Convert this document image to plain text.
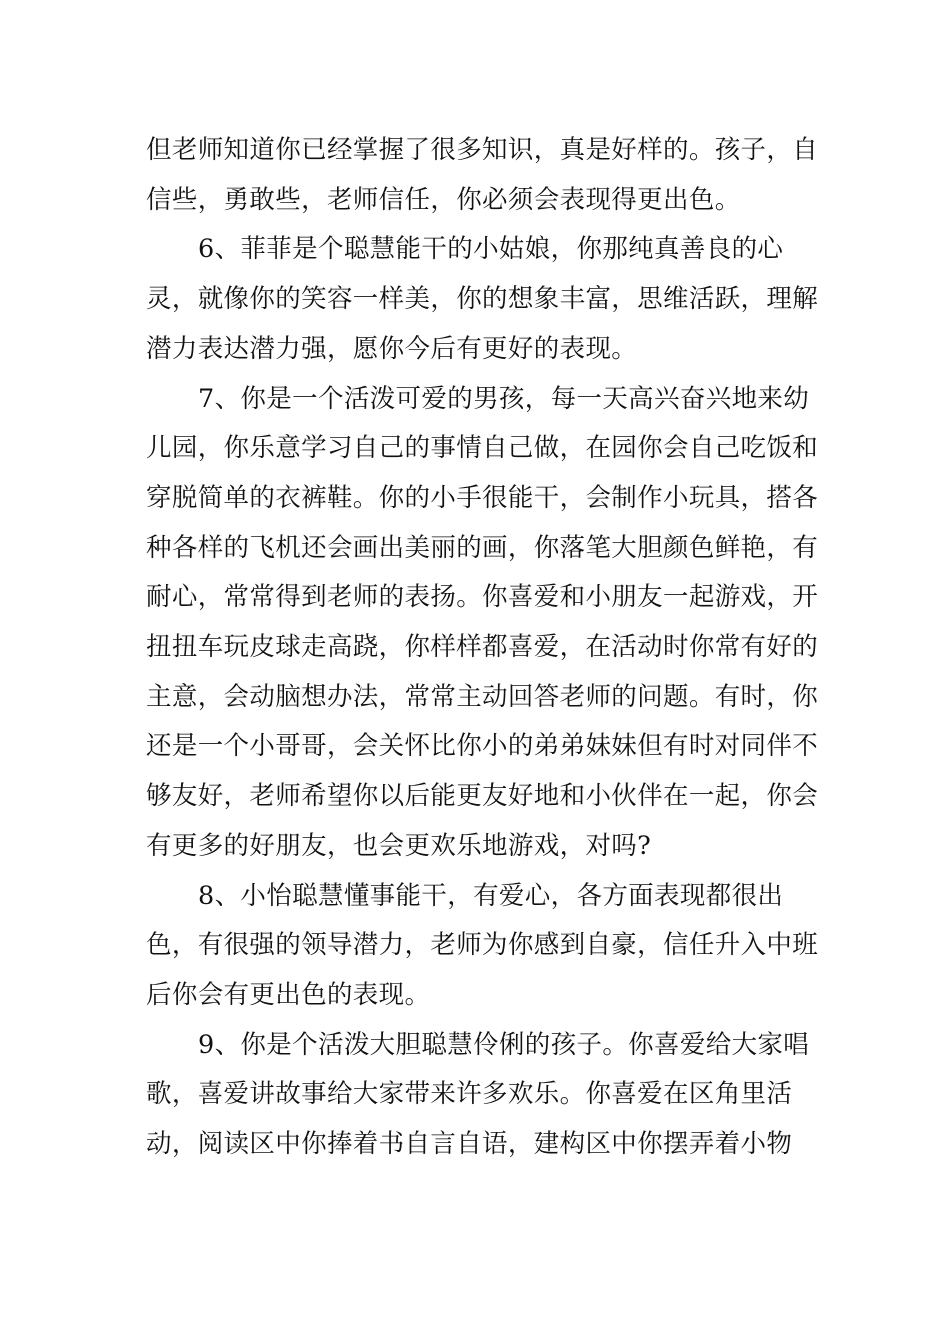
但老师知道你已经掌握了很多知识，真是好样的。孩子，自信些，勇敢些，老师信任，你必须会表现得更出色。

6、菲菲是个聪慧能干的小姑娘，你那纯真善良的心灵，就像你的笑容一样美，你的想象丰富，思维活跃，理解潜力表达潜力强，愿你今后有更好的表现。

7、你是一个活泼可爱的男孩，每一天高兴奋兴地来幼儿园，你乐意学习自己的事情自己做，在园你会自己吃饭和穿脱简单的衣裤鞋。你的小手很能干，会制作小玩具，搭各种各样的飞机还会画出美丽的画，你落笔大胆颜色鲜艳，有耐心，常常得到老师的表扬。你喜爱和小朋友一起游戏，开扭扭车玩皮球走高跷，你样样都喜爱，在活动时你常有好的主意，会动脑想办法，常常主动回答老师的问题。有时，你还是一个小哥哥，会关怀比你小的弟弟妹妹但有时对同伴不够友好，老师希望你以后能更友好地和小伙伴在一起，你会有更多的好朋友，也会更欢乐地游戏，对吗?

8、小怡聪慧懂事能干，有爱心，各方面表现都很出色，有很强的领导潜力，老师为你感到自豪，信任升入中班后你会有更出色的表现。

9、你是个活泼大胆聪慧伶俐的孩子。你喜爱给大家唱歌，喜爱讲故事给大家带来许多欢乐。你喜爱在区角里活动，阅读区中你捧着书自言自语，建构区中你摆弄着小物
